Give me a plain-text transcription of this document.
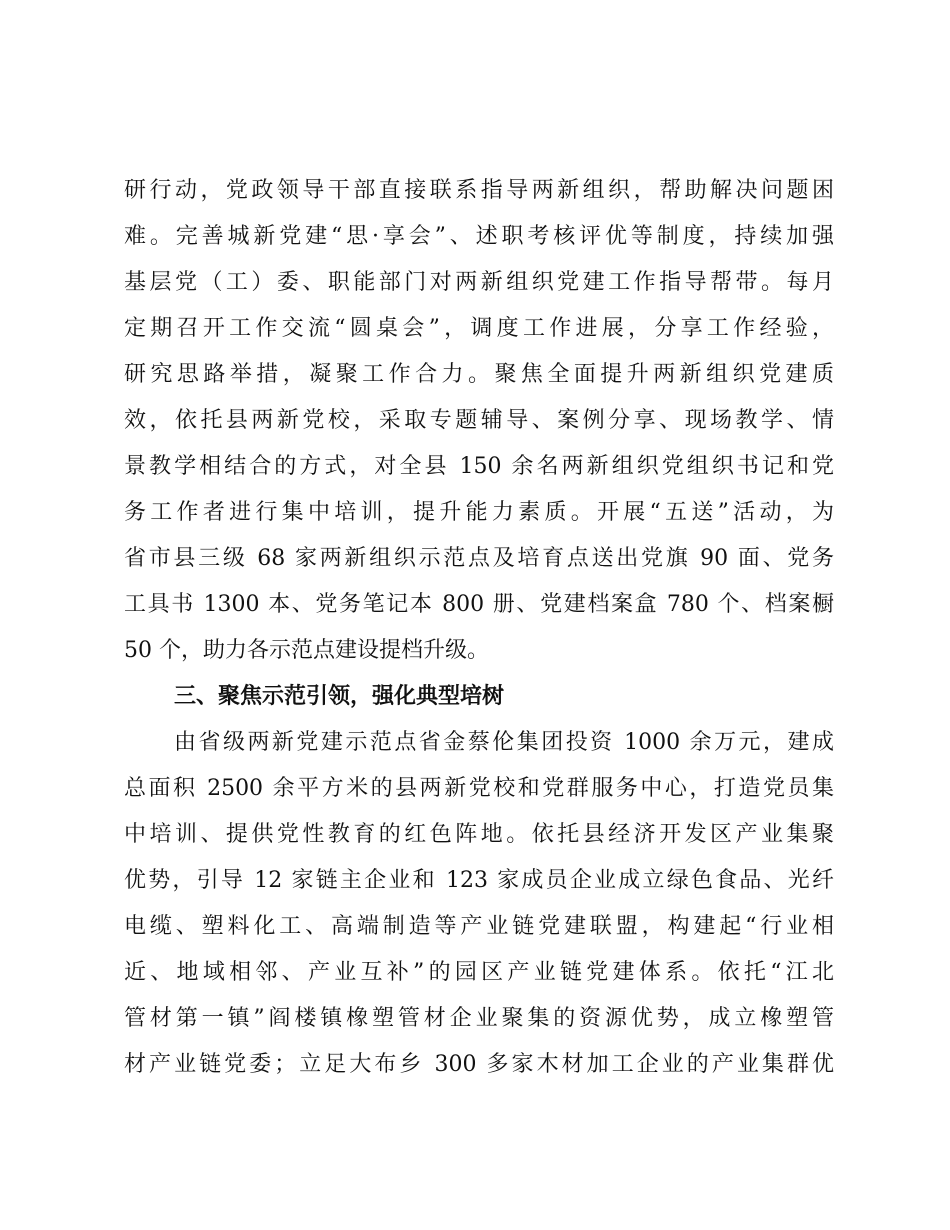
研行动，党政领导干部直接联系指导两新组织，帮助解决问题困
难。完善城新党建“思·享会”、述职考核评优等制度，持续加强
基层党（工）委、职能部门对两新组织党建工作指导帮带。每月
定期召开工作交流“圆桌会”，调度工作进展，分享工作经验，
研究思路举措，凝聚工作合力。聚焦全面提升两新组织党建质
效，依托县两新党校，采取专题辅导、案例分享、现场教学、情
景教学相结合的方式，对全县 150 余名两新组织党组织书记和党
务工作者进行集中培训，提升能力素质。开展“五送”活动，为
省市县三级 68 家两新组织示范点及培育点送出党旗 90 面、党务
工具书 1300 本、党务笔记本 800 册、党建档案盒 780 个、档案橱
50 个，助力各示范点建设提档升级。
三、聚焦示范引领，强化典型培树
由省级两新党建示范点省金蔡伦集团投资 1000 余万元，建成
总面积 2500 余平方米的县两新党校和党群服务中心，打造党员集
中培训、提供党性教育的红色阵地。依托县经济开发区产业集聚
优势，引导 12 家链主企业和 123 家成员企业成立绿色食品、光纤
电缆、塑料化工、高端制造等产业链党建联盟，构建起“行业相
近、地域相邻、产业互补”的园区产业链党建体系。依托“江北
管材第一镇”阎楼镇橡塑管材企业聚集的资源优势，成立橡塑管
材产业链党委；立足大布乡 300 多家木材加工企业的产业集群优
